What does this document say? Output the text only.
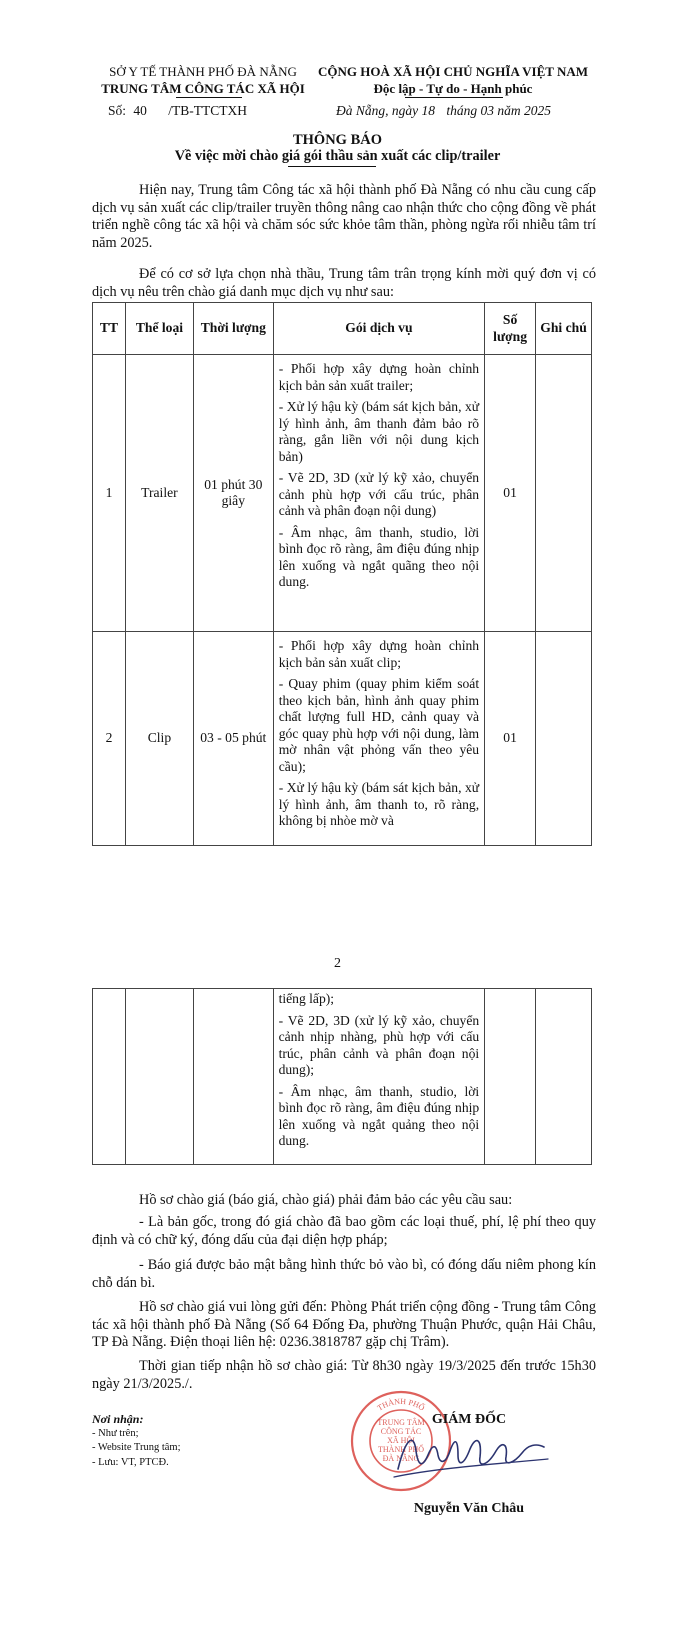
SỞ Y TẾ THÀNH PHỐ ĐÀ NẴNG
TRUNG TÂM CÔNG TÁC XÃ HỘI
Số: 40 /TB-TTCTXH
CỘNG HOÀ XÃ HỘI CHỦ NGHĨA VIỆT NAM
Độc lập - Tự do - Hạnh phúc
Đà Nẵng, ngày 18 tháng 03 năm 2025
THÔNG BÁO
Về việc mời chào giá gói thầu sản xuất các clip/trailer
Hiện nay, Trung tâm Công tác xã hội thành phố Đà Nẵng có nhu cầu cung cấp dịch vụ sản xuất các clip/trailer truyền thông nâng cao nhận thức cho cộng đồng về phát triển nghề công tác xã hội và chăm sóc sức khỏe tâm thần, phòng ngừa rối nhiễu tâm trí năm 2025.
Để có cơ sở lựa chọn nhà thầu, Trung tâm trân trọng kính mời quý đơn vị có dịch vụ nêu trên chào giá danh mục dịch vụ như sau:
TT	Thể loại	Thời lượng	Gói dịch vụ	Số lượng	Ghi chú
1	Trailer	01 phút 30 giây	- Phối hợp xây dựng hoàn chỉnh kịch bản sản xuất trailer;
- Xử lý hậu kỳ (bám sát kịch bản, xử lý hình ảnh, âm thanh đảm bảo rõ ràng, gắn liền với nội dung kịch bản)
- Vẽ 2D, 3D (xử lý kỹ xảo, chuyển cảnh phù hợp với cấu trúc, phân cảnh và phân đoạn nội dung)
- Âm nhạc, âm thanh, studio, lời bình đọc rõ ràng, âm điệu đúng nhịp lên xuống và ngắt quãng theo nội dung.	01	
2	Clip	03 - 05 phút	- Phối hợp xây dựng hoàn chỉnh kịch bản sản xuất clip;
- Quay phim (quay phim kiểm soát theo kịch bản, hình ảnh quay phim chất lượng full HD, cảnh quay và góc quay phù hợp với nội dung, làm mờ nhân vật phỏng vấn theo yêu cầu);
- Xử lý hậu kỳ (bám sát kịch bản, xử lý hình ảnh, âm thanh to, rõ ràng, không bị nhòe mờ và	01	
2

tiếng lấp);
- Vẽ 2D, 3D (xử lý kỹ xảo, chuyển cảnh nhịp nhàng, phù hợp với cấu trúc, phân cảnh và phân đoạn nội dung);
- Âm nhạc, âm thanh, studio, lời bình đọc rõ ràng, âm điệu đúng nhịp lên xuống và ngắt quảng theo nội dung.

Hồ sơ chào giá (báo giá, chào giá) phải đảm bảo các yêu cầu sau:
- Là bản gốc, trong đó giá chào đã bao gồm các loại thuế, phí, lệ phí theo quy định và có chữ ký, đóng dấu của đại diện hợp pháp;
- Báo giá được bảo mật bằng hình thức bỏ vào bì, có đóng dấu niêm phong kín chỗ dán bì.
Hồ sơ chào giá vui lòng gửi đến: Phòng Phát triển cộng đồng - Trung tâm Công tác xã hội thành phố Đà Nẵng (Số 64 Đống Đa, phường Thuận Phước, quận Hải Châu, TP Đà Nẵng. Điện thoại liên hệ: 0236.3818787 gặp chị Trâm).
Thời gian tiếp nhận hồ sơ chào giá: Từ 8h30 ngày 19/3/2025 đến trước 15h30 ngày 21/3/2025./.
Nơi nhận:
- Như trên;
- Website Trung tâm;
- Lưu: VT, PTCĐ.
THÀNH PHỐ
TRUNG TÂM
CÔNG TÁC
XÃ HỘI
THÀNH PHỐ
ĐÀ NẴNG
GIÁM ĐỐC
Nguyễn Văn Châu
